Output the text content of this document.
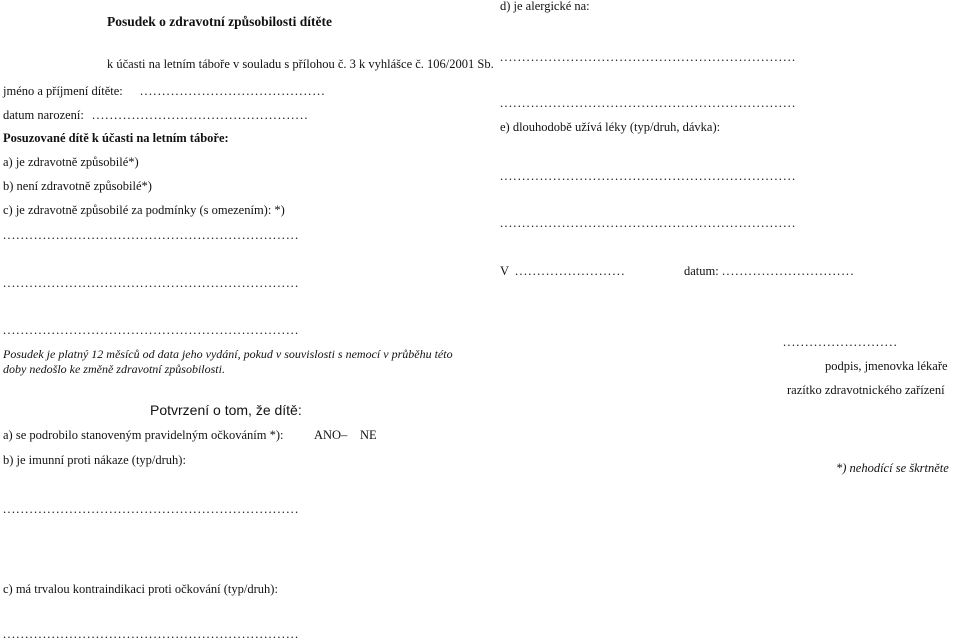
Posudek o zdravotní způsobilosti dítěte
k účasti na letním táboře v souladu s přílohou č. 3 k vyhlášce č. 106/2001 Sb.
jméno a příjmení dítěte: ..........................................
datum narození: .................................................
Posuzované dítě k účasti na letním táboře:
a) je zdravotně způsobilé*)
b) není zdravotně způsobilé*)
c) je zdravotně způsobilé za podmínky (s omezením): *)
...................................................................
...................................................................
...................................................................
Posudek je platný 12 měsíců od data jeho vydání, pokud v souvislosti s nemocí v průběhu této doby nedošlo ke změně zdravotní způsobilosti.
Potvrzení o tom, že dítě:
a) se podrobilo stanoveným pravidelným očkováním *): ANO – NE
b) je imunní proti nákaze (typ/druh):
...................................................................
c) má trvalou kontraindikaci proti očkování (typ/druh):
...................................................................
d) je alergické na:
...................................................................
...................................................................
e) dlouhodobě užívá léky (typ/druh, dávka):
...................................................................
...................................................................
V .........................	datum: ..............................
..........................
podpis, jmenovka lékaře
razítko zdravotnického zařízení
*) nehodící se škrtněte
